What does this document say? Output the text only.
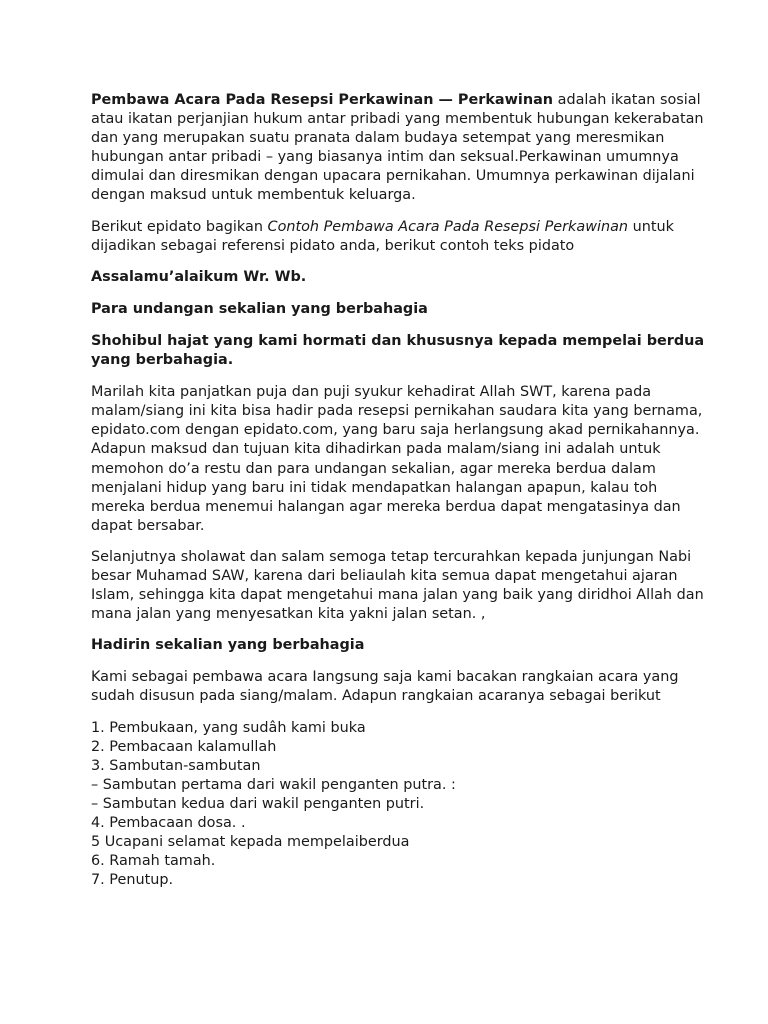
Pembawa Acara Pada Resepsi Perkawinan — Perkawinan adalah ikatan sosial atau ikatan perjanjian hukum antar pribadi yang membentuk hubungan kekerabatan dan yang merupakan suatu pranata dalam budaya setempat yang meresmikan hubungan antar pribadi – yang biasanya intim dan seksual.Perkawinan umumnya dimulai dan diresmikan dengan upacara pernikahan. Umumnya perkawinan dijalani dengan maksud untuk membentuk keluarga.

Berikut epidato bagikan Contoh Pembawa Acara Pada Resepsi Perkawinan untuk dijadikan sebagai referensi pidato anda, berikut contoh teks pidato

Assalamu’alaikum Wr. Wb.

Para undangan sekalian yang berbahagia

Shohibul hajat yang kami hormati dan khususnya kepada mempelai berdua yang berbahagia.

Marilah kita panjatkan puja dan puji syukur kehadirat Allah SWT, karena pada malam/siang ini kita bisa hadir pada resepsi pernikahan saudara kita yang bernama, epidato.com dengan epidato.com, yang baru saja herlangsung akad pernikahannya. Adapun maksud dan tujuan kita dihadirkan pada malam/siang ini adalah untuk memohon do’a restu dan para undangan sekalian, agar mereka berdua dalam menjalani hidup yang baru ini tidak mendapatkan halangan apapun, kalau toh mereka berdua menemui halangan agar mereka berdua dapat mengatasinya dan dapat bersabar.

Selanjutnya sholawat dan salam semoga tetap tercurahkan kepada junjungan Nabi besar Muhamad SAW, karena dari beliaulah kita semua dapat mengetahui ajaran Islam, sehingga kita dapat mengetahui mana jalan yang baik yang diridhoi Allah dan mana jalan yang menyesatkan kita yakni jalan setan. ,

Hadirin sekalian yang berbahagia

Kami sebagai pembawa acara Iangsung saja kami bacakan rangkaian acara yang sudah disusun pada siang/malam. Adapun rangkaian acaranya sebagai berikut

1. Pembukaan, yang sudâh kami buka
2. Pembacaan kalamullah
3. Sambutan-sambutan
– Sambutan pertama dari wakil penganten putra. :
– Sambutan kedua dari wakil penganten putri.
4. Pembacaan dosa. .
5 Ucapani selamat kepada mempelaiberdua
6. Ramah tamah.
7. Penutup.
